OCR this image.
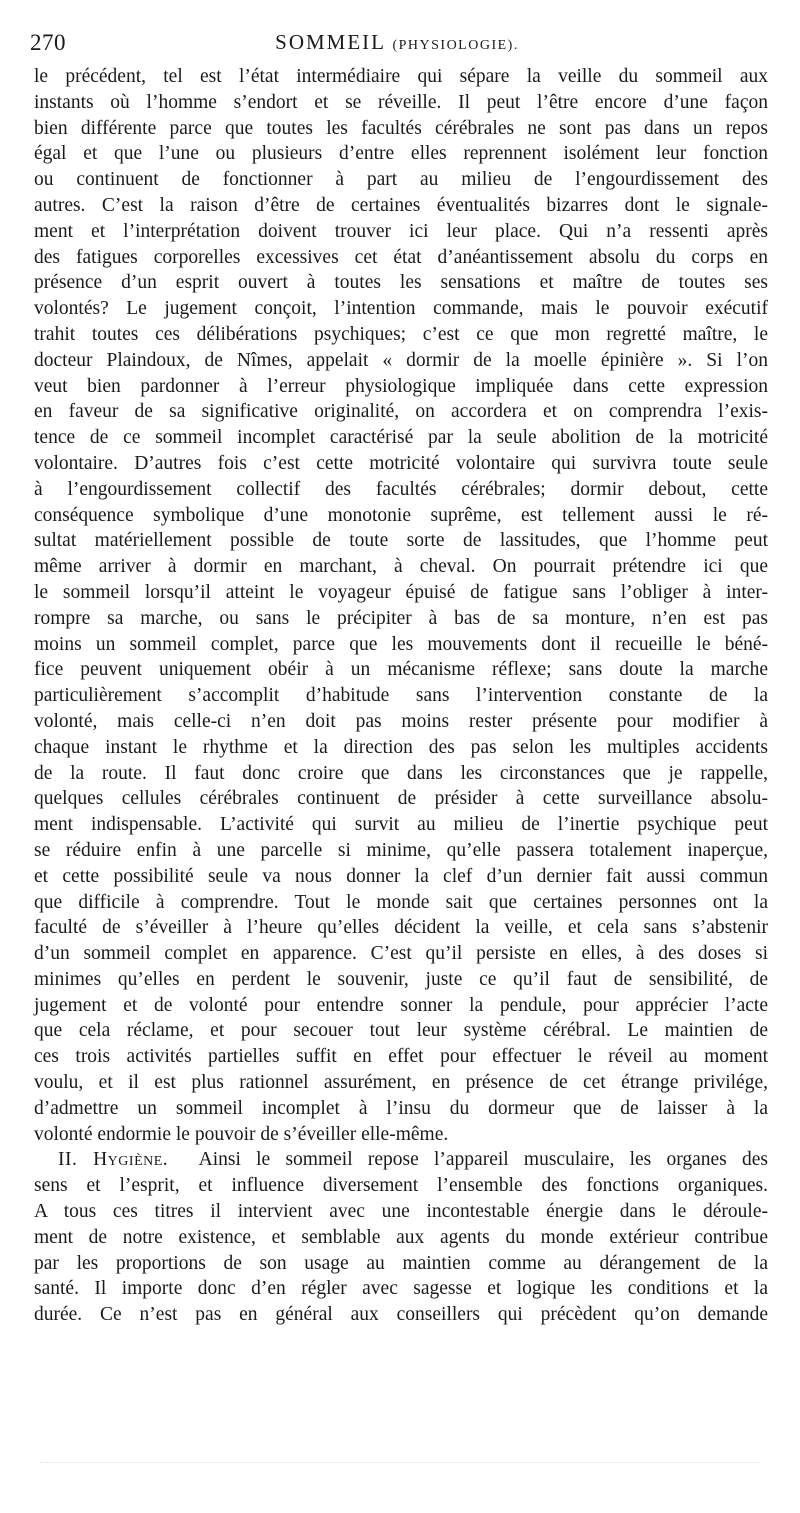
270	SOMMEIL (PHYSIOLOGIE).
le précédent, tel est l’état intermédiaire qui sépare la veille du sommeil aux
instants où l’homme s’endort et se réveille. Il peut l’être encore d’une façon
bien différente parce que toutes les facultés cérébrales ne sont pas dans un repos
égal et que l’une ou plusieurs d’entre elles reprennent isolément leur fonction
ou continuent de fonctionner à part au milieu de l’engourdissement des
autres. C’est la raison d’être de certaines éventualités bizarres dont le signale-
ment et l’interprétation doivent trouver ici leur place. Qui n’a ressenti après
des fatigues corporelles excessives cet état d’anéantissement absolu du corps en
présence d’un esprit ouvert à toutes les sensations et maître de toutes ses
volontés? Le jugement conçoit, l’intention commande, mais le pouvoir exécutif
trahit toutes ces délibérations psychiques; c’est ce que mon regretté maître, le
docteur Plaindoux, de Nîmes, appelait « dormir de la moelle épinière ». Si l’on
veut bien pardonner à l’erreur physiologique impliquée dans cette expression
en faveur de sa significative originalité, on accordera et on comprendra l’exis-
tence de ce sommeil incomplet caractérisé par la seule abolition de la motricité
volontaire. D’autres fois c’est cette motricité volontaire qui survivra toute seule
à l’engourdissement collectif des facultés cérébrales; dormir debout, cette
conséquence symbolique d’une monotonie suprême, est tellement aussi le ré-
sultat matériellement possible de toute sorte de lassitudes, que l’homme peut
même arriver à dormir en marchant, à cheval. On pourrait prétendre ici que
le sommeil lorsqu’il atteint le voyageur épuisé de fatigue sans l’obliger à inter-
rompre sa marche, ou sans le précipiter à bas de sa monture, n’en est pas
moins un sommeil complet, parce que les mouvements dont il recueille le béné-
fice peuvent uniquement obéir à un mécanisme réflexe; sans doute la marche
particulièrement s’accomplit d’habitude sans l’intervention constante de la
volonté, mais celle-ci n’en doit pas moins rester présente pour modifier à
chaque instant le rhythme et la direction des pas selon les multiples accidents
de la route. Il faut donc croire que dans les circonstances que je rappelle,
quelques cellules cérébrales continuent de présider à cette surveillance absolu-
ment indispensable. L’activité qui survit au milieu de l’inertie psychique peut
se réduire enfin à une parcelle si minime, qu’elle passera totalement inaperçue,
et cette possibilité seule va nous donner la clef d’un dernier fait aussi commun
que difficile à comprendre. Tout le monde sait que certaines personnes ont la
faculté de s’éveiller à l’heure qu’elles décident la veille, et cela sans s’abstenir
d’un sommeil complet en apparence. C’est qu’il persiste en elles, à des doses si
minimes qu’elles en perdent le souvenir, juste ce qu’il faut de sensibilité, de
jugement et de volonté pour entendre sonner la pendule, pour apprécier l’acte
que cela réclame, et pour secouer tout leur système cérébral. Le maintien de
ces trois activités partielles suffit en effet pour effectuer le réveil au moment
voulu, et il est plus rationnel assurément, en présence de cet étrange privilége,
d’admettre un sommeil incomplet à l’insu du dormeur que de laisser à la
volonté endormie le pouvoir de s’éveiller elle-même.
II. Hygiène. Ainsi le sommeil repose l’appareil musculaire, les organes des
sens et l’esprit, et influence diversement l’ensemble des fonctions organiques.
A tous ces titres il intervient avec une incontestable énergie dans le déroule-
ment de notre existence, et semblable aux agents du monde extérieur contribue
par les proportions de son usage au maintien comme au dérangement de la
santé. Il importe donc d’en régler avec sagesse et logique les conditions et la
durée. Ce n’est pas en général aux conseillers qui précèdent qu’on demande
